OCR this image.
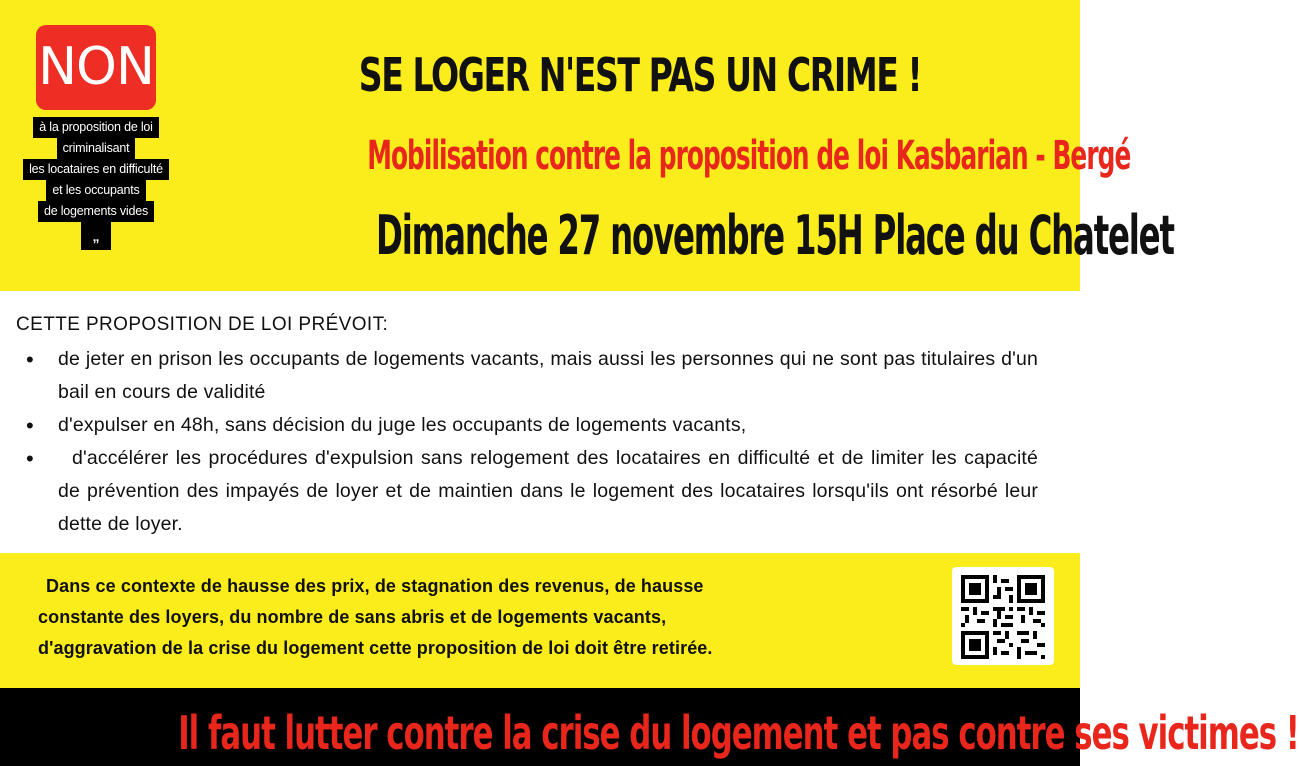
NON
à la proposition de loi
criminalisant
les locataires en difficulté
et les occupants
de logements vides
„
SE LOGER N'EST PAS UN CRIME !
Mobilisation contre la proposition de loi Kasbarian - Bergé
Dimanche 27 novembre 15H Place du Chatelet

CETTE PROPOSITION DE LOI PRÉVOIT:

• de jeter en prison les occupants de logements vacants, mais aussi les personnes qui ne sont pas titulaires d'un bail en cours de validité
• d'expulser en 48h, sans décision du juge les occupants de logements vacants,
• d'accélérer les procédures d'expulsion sans relogement des locataires en difficulté et de limiter les capacité de prévention des impayés de loyer et de maintien dans le logement des locataires lorsqu'ils ont résorbé leur dette de loyer.

Dans ce contexte de hausse des prix, de stagnation des revenus, de hausse
constante des loyers, du nombre de sans abris et de logements vacants,
d'aggravation de la crise du logement cette proposition de loi doit être retirée.

Il faut lutter contre la crise du logement et pas contre ses victimes !
